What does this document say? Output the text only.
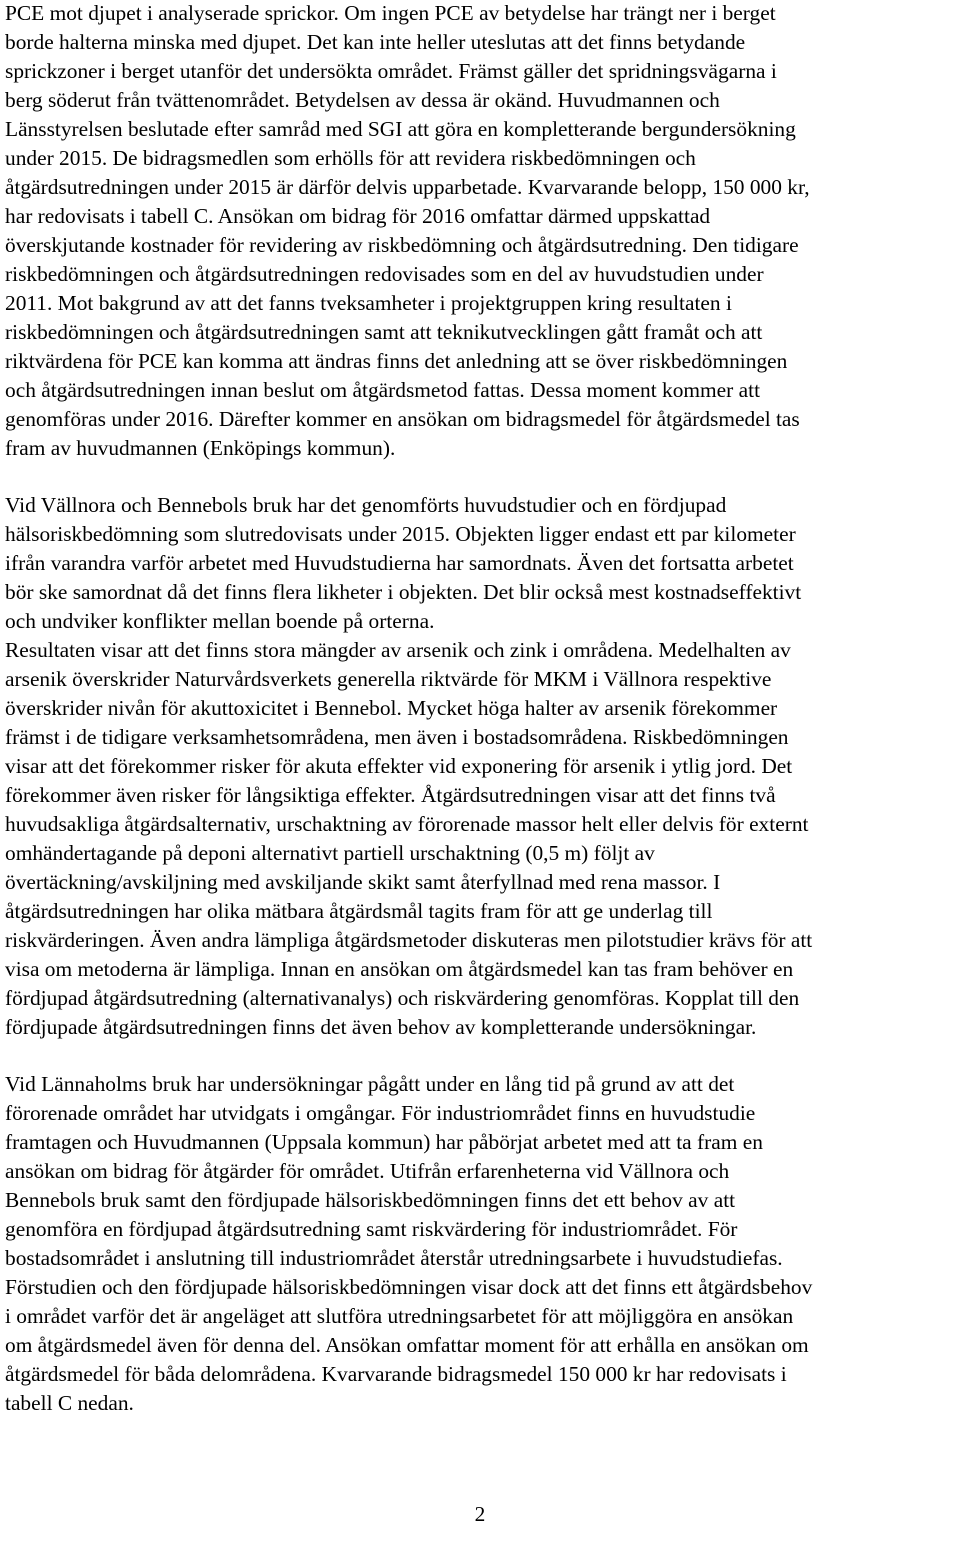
PCE mot djupet i analyserade sprickor. Om ingen PCE av betydelse har trängt ner i berget
borde halterna minska med djupet. Det kan inte heller uteslutas att det finns betydande
sprickzoner i berget utanför det undersökta området. Främst gäller det spridningsvägarna i
berg söderut från tvättenområdet. Betydelsen av dessa är okänd. Huvudmannen och
Länsstyrelsen beslutade efter samråd med SGI att göra en kompletterande bergundersökning
under 2015. De bidragsmedlen som erhölls för att revidera riskbedömningen och
åtgärdsutredningen under 2015 är därför delvis upparbetade. Kvarvarande belopp, 150 000 kr,
har redovisats i tabell C. Ansökan om bidrag för 2016 omfattar därmed uppskattad
överskjutande kostnader för revidering av riskbedömning och åtgärdsutredning. Den tidigare
riskbedömningen och åtgärdsutredningen redovisades som en del av huvudstudien under
2011. Mot bakgrund av att det fanns tveksamheter i projektgruppen kring resultaten i
riskbedömningen och åtgärdsutredningen samt att teknikutvecklingen gått framåt och att
riktvärdena för PCE kan komma att ändras finns det anledning att se över riskbedömningen
och åtgärdsutredningen innan beslut om åtgärdsmetod fattas. Dessa moment kommer att
genomföras under 2016. Därefter kommer en ansökan om bidragsmedel för åtgärdsmedel tas
fram av huvudmannen (Enköpings kommun).
Vid Vällnora och Bennebols bruk har det genomförts huvudstudier och en fördjupad
hälsoriskbedömning som slutredovisats under 2015. Objekten ligger endast ett par kilometer
ifrån varandra varför arbetet med Huvudstudierna har samordnats. Även det fortsatta arbetet
bör ske samordnat då det finns flera likheter i objekten. Det blir också mest kostnadseffektivt
och undviker konflikter mellan boende på orterna.
Resultaten visar att det finns stora mängder av arsenik och zink i områdena. Medelhalten av
arsenik överskrider Naturvårdsverkets generella riktvärde för MKM i Vällnora respektive
överskrider nivån för akuttoxicitet i Bennebol. Mycket höga halter av arsenik förekommer
främst i de tidigare verksamhetsområdena, men även i bostadsområdena. Riskbedömningen
visar att det förekommer risker för akuta effekter vid exponering för arsenik i ytlig jord. Det
förekommer även risker för långsiktiga effekter. Åtgärdsutredningen visar att det finns två
huvudsakliga åtgärdsalternativ, urschaktning av förorenade massor helt eller delvis för externt
omhändertagande på deponi alternativt partiell urschaktning (0,5 m) följt av
övertäckning/avskiljning med avskiljande skikt samt återfyllnad med rena massor. I
åtgärdsutredningen har olika mätbara åtgärdsmål tagits fram för att ge underlag till
riskvärderingen. Även andra lämpliga åtgärdsmetoder diskuteras men pilotstudier krävs för att
visa om metoderna är lämpliga. Innan en ansökan om åtgärdsmedel kan tas fram behöver en
fördjupad åtgärdsutredning (alternativanalys) och riskvärdering genomföras. Kopplat till den
fördjupade åtgärdsutredningen finns det även behov av kompletterande undersökningar.
Vid Lännaholms bruk har undersökningar pågått under en lång tid på grund av att det
förorenade området har utvidgats i omgångar. För industriområdet finns en huvudstudie
framtagen och Huvudmannen (Uppsala kommun) har påbörjat arbetet med att ta fram en
ansökan om bidrag för åtgärder för området. Utifrån erfarenheterna vid Vällnora och
Bennebols bruk samt den fördjupade hälsoriskbedömningen finns det ett behov av att
genomföra en fördjupad åtgärdsutredning samt riskvärdering för industriområdet. För
bostadsområdet i anslutning till industriområdet återstår utredningsarbete i huvudstudiefas.
Förstudien och den fördjupade hälsoriskbedömningen visar dock att det finns ett åtgärdsbehov
i området varför det är angeläget att slutföra utredningsarbetet för att möjliggöra en ansökan
om åtgärdsmedel även för denna del. Ansökan omfattar moment för att erhålla en ansökan om
åtgärdsmedel för båda delområdena. Kvarvarande bidragsmedel 150 000 kr har redovisats i
tabell C nedan.
2
